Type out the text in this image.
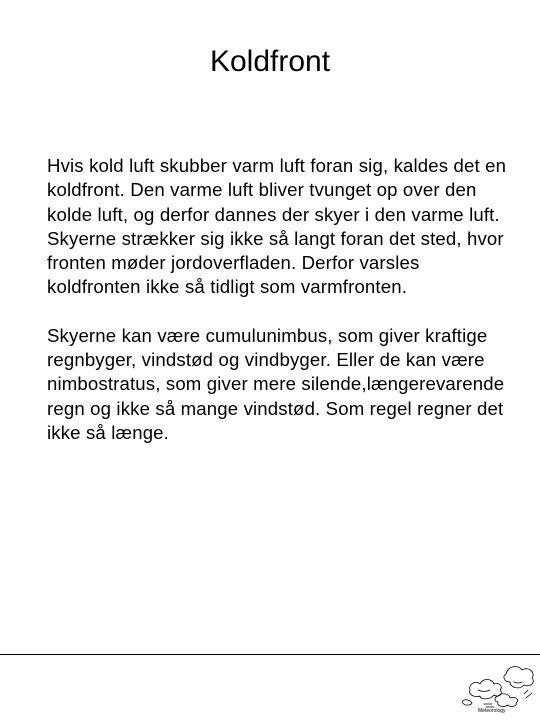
Koldfront

Hvis kold luft skubber varm luft foran sig, kaldes det en koldfront. Den varme luft bliver tvunget op over den kolde luft, og derfor dannes der skyer i den varme luft. Skyerne strækker sig ikke så langt foran det sted, hvor fronten møder jordoverfladen. Derfor varsles koldfronten ikke så tidligt som varmfronten.

Skyerne kan være cumulunimbus, som giver kraftige regnbyger, vindstød og vindbyger. Eller de kan være nimbostratus, som giver mere silende,længerevarende regn og ikke så mange vindstød. Som regel regner det ikke så længe.

Meteorology
